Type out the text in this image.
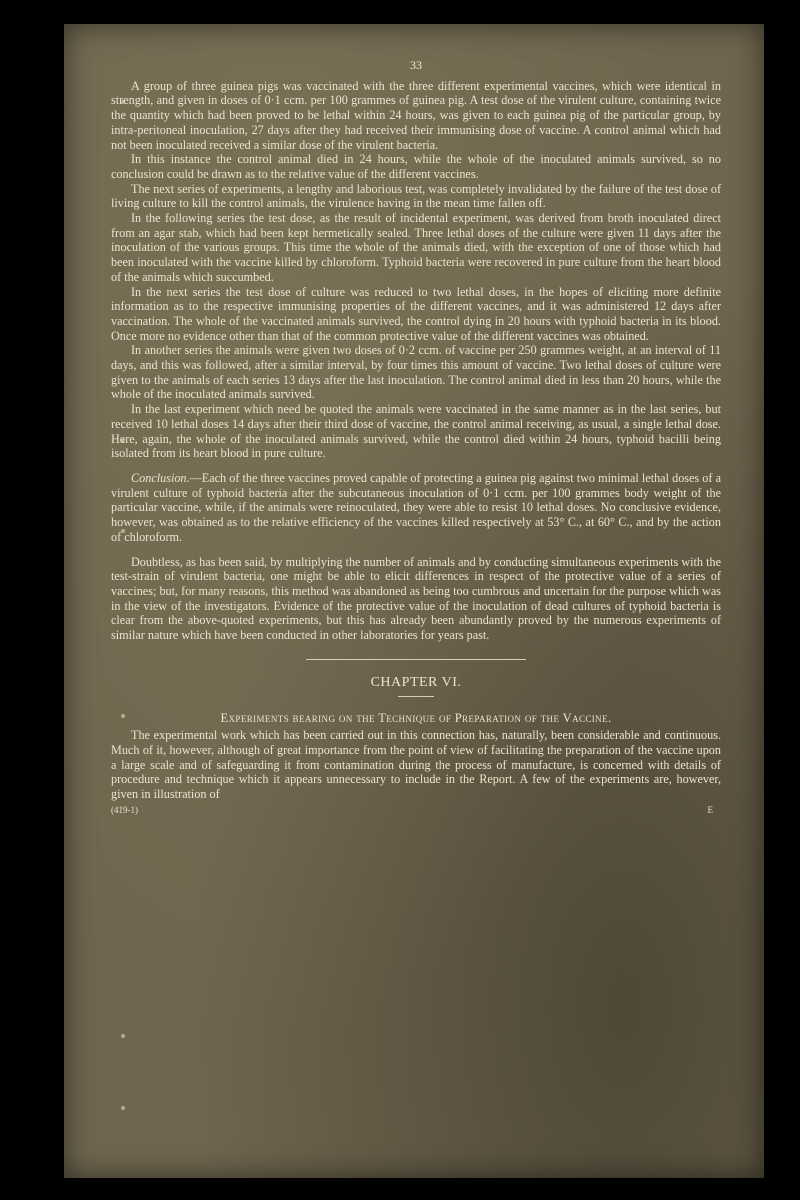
33

A group of three guinea pigs was vaccinated with the three different experimental vaccines, which were identical in strength, and given in doses of 0·1 ccm. per 100 grammes of guinea pig. A test dose of the virulent culture, containing twice the quantity which had been proved to be lethal within 24 hours, was given to each guinea pig of the particular group, by intra-peritoneal inoculation, 27 days after they had received their immunising dose of vaccine. A control animal which had not been inoculated received a similar dose of the virulent bacteria.

In this instance the control animal died in 24 hours, while the whole of the inoculated animals survived, so no conclusion could be drawn as to the relative value of the different vaccines.

The next series of experiments, a lengthy and laborious test, was completely invalidated by the failure of the test dose of living culture to kill the control animals, the virulence having in the mean time fallen off.

In the following series the test dose, as the result of incidental experiment, was derived from broth inoculated direct from an agar stab, which had been kept hermetically sealed. Three lethal doses of the culture were given 11 days after the inoculation of the various groups. This time the whole of the animals died, with the exception of one of those which had been inoculated with the vaccine killed by chloroform. Typhoid bacteria were recovered in pure culture from the heart blood of the animals which succumbed.

In the next series the test dose of culture was reduced to two lethal doses, in the hopes of eliciting more definite information as to the respective immunising properties of the different vaccines, and it was administered 12 days after vaccination. The whole of the vaccinated animals survived, the control dying in 20 hours with typhoid bacteria in its blood. Once more no evidence other than that of the common protective value of the different vaccines was obtained.

In another series the animals were given two doses of 0·2 ccm. of vaccine per 250 grammes weight, at an interval of 11 days, and this was followed, after a similar interval, by four times this amount of vaccine. Two lethal doses of culture were given to the animals of each series 13 days after the last inoculation. The control animal died in less than 20 hours, while the whole of the inoculated animals survived.

In the last experiment which need be quoted the animals were vaccinated in the same manner as in the last series, but received 10 lethal doses 14 days after their third dose of vaccine, the control animal receiving, as usual, a single lethal dose. Here, again, the whole of the inoculated animals survived, while the control died within 24 hours, typhoid bacilli being isolated from its heart blood in pure culture.

Conclusion.—Each of the three vaccines proved capable of protecting a guinea pig against two minimal lethal doses of a virulent culture of typhoid bacteria after the subcutaneous inoculation of 0·1 ccm. per 100 grammes body weight of the particular vaccine, while, if the animals were reinoculated, they were able to resist 10 lethal doses. No conclusive evidence, however, was obtained as to the relative efficiency of the vaccines killed respectively at 53° C., at 60° C., and by the action of chloroform.

Doubtless, as has been said, by multiplying the number of animals and by conducting simultaneous experiments with the test-strain of virulent bacteria, one might be able to elicit differences in respect of the protective value of a series of vaccines; but, for many reasons, this method was abandoned as being too cumbrous and uncertain for the purpose which was in the view of the investigators. Evidence of the protective value of the inoculation of dead cultures of typhoid bacteria is clear from the above-quoted experiments, but this has already been abundantly proved by the numerous experiments of similar nature which have been conducted in other laboratories for years past.

CHAPTER VI.
Experiments bearing on the Technique of Preparation of the Vaccine.

The experimental work which has been carried out in this connection has, naturally, been considerable and continuous. Much of it, however, although of great importance from the point of view of facilitating the preparation of the vaccine upon a large scale and of safeguarding it from contamination during the process of manufacture, is concerned with details of procedure and technique which it appears unnecessary to include in the Report. A few of the experiments are, however, given in illustration of

(419-1)	E
